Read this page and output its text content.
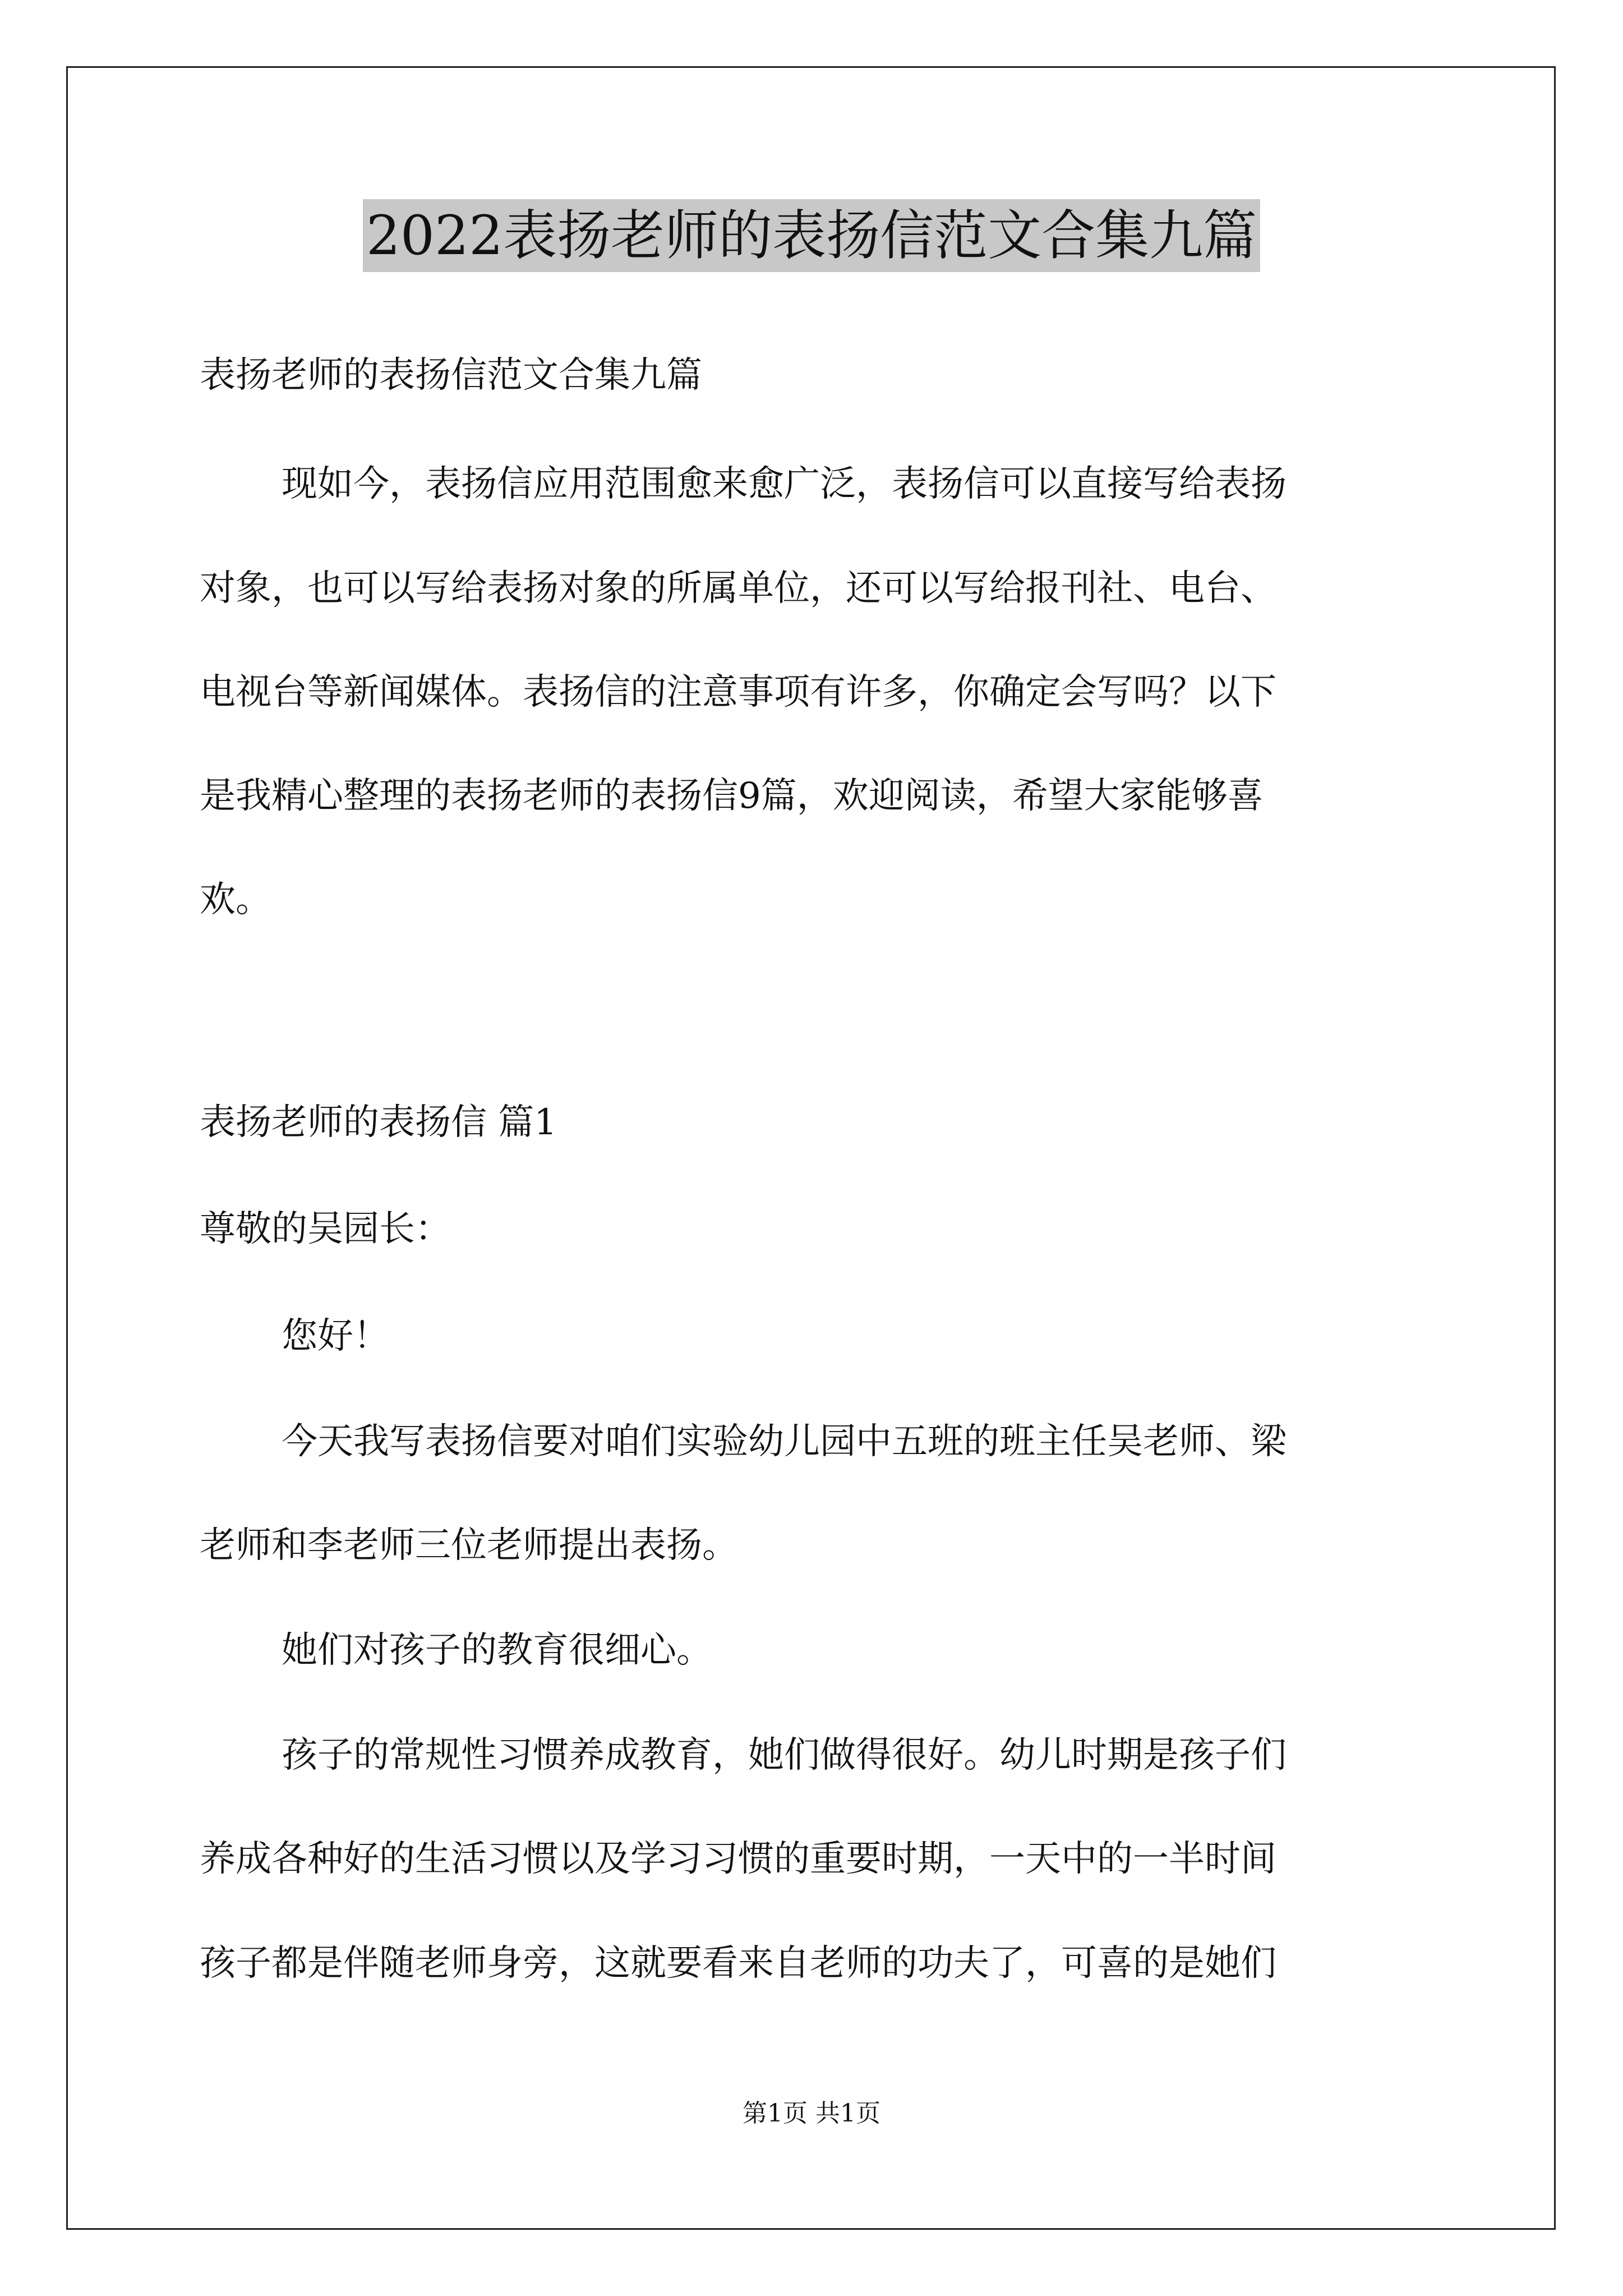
2022表扬老师的表扬信范文合集九篇
表扬老师的表扬信范文合集九篇
现如今，表扬信应用范围愈来愈广泛，表扬信可以直接写给表扬
对象，也可以写给表扬对象的所属单位，还可以写给报刊社、电台、
电视台等新闻媒体。表扬信的注意事项有许多，你确定会写吗？以下
是我精心整理的表扬老师的表扬信9篇，欢迎阅读，希望大家能够喜
欢。
表扬老师的表扬信 篇1
尊敬的吴园长：
您好！
今天我写表扬信要对咱们实验幼儿园中五班的班主任吴老师、梁
老师和李老师三位老师提出表扬。
她们对孩子的教育很细心。
孩子的常规性习惯养成教育，她们做得很好。幼儿时期是孩子们
养成各种好的生活习惯以及学习习惯的重要时期，一天中的一半时间
孩子都是伴随老师身旁，这就要看来自老师的功夫了，可喜的是她们
第1页 共1页
